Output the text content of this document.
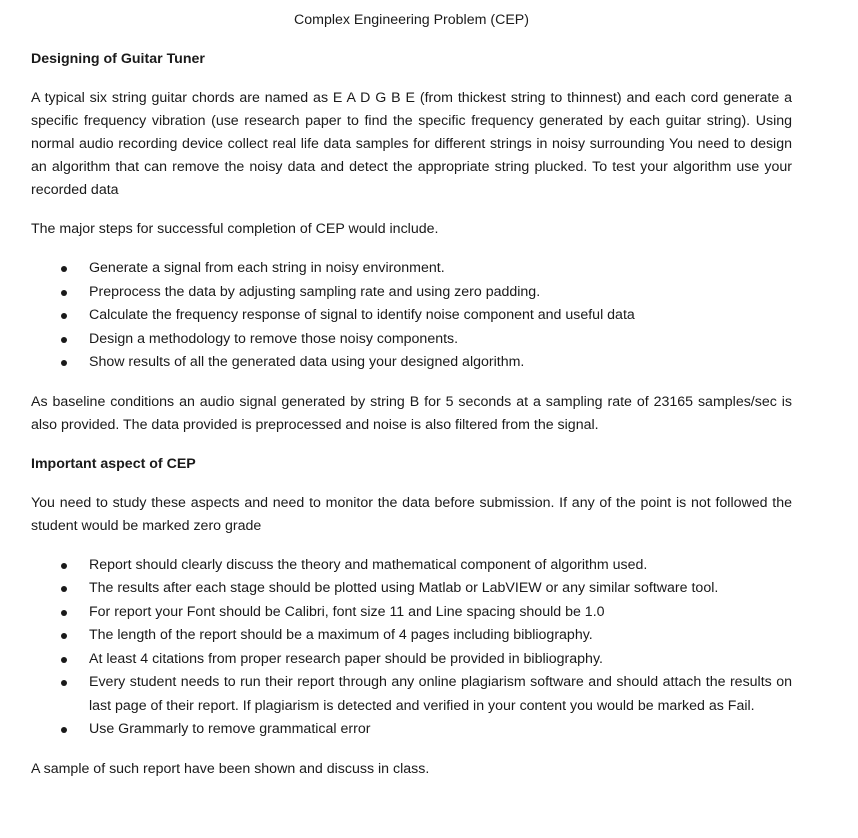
Complex Engineering Problem (CEP)
Designing of Guitar Tuner

A typical six string guitar chords are named as E A D G B E (from thickest string to thinnest) and each cord generate a specific frequency vibration (use research paper to find the specific frequency generated by each guitar string). Using normal audio recording device collect real life data samples for different strings in noisy surrounding You need to design an algorithm that can remove the noisy data and detect the appropriate string plucked. To test your algorithm use your recorded data

The major steps for successful completion of CEP would include.

Generate a signal from each string in noisy environment.
Preprocess the data by adjusting sampling rate and using zero padding.
Calculate the frequency response of signal to identify noise component and useful data
Design a methodology to remove those noisy components.
Show results of all the generated data using your designed algorithm.

As baseline conditions an audio signal generated by string B for 5 seconds at a sampling rate of 23165 samples/sec is also provided. The data provided is preprocessed and noise is also filtered from the signal.

Important aspect of CEP

You need to study these aspects and need to monitor the data before submission. If any of the point is not followed the student would be marked zero grade

Report should clearly discuss the theory and mathematical component of algorithm used.
The results after each stage should be plotted using Matlab or LabVIEW or any similar software tool.
For report your Font should be Calibri, font size 11 and Line spacing should be 1.0
The length of the report should be a maximum of 4 pages including bibliography.
At least 4 citations from proper research paper should be provided in bibliography.
Every student needs to run their report through any online plagiarism software and should attach the results on last page of their report. If plagiarism is detected and verified in your content you would be marked as Fail.
Use Grammarly to remove grammatical error

A sample of such report have been shown and discuss in class.
